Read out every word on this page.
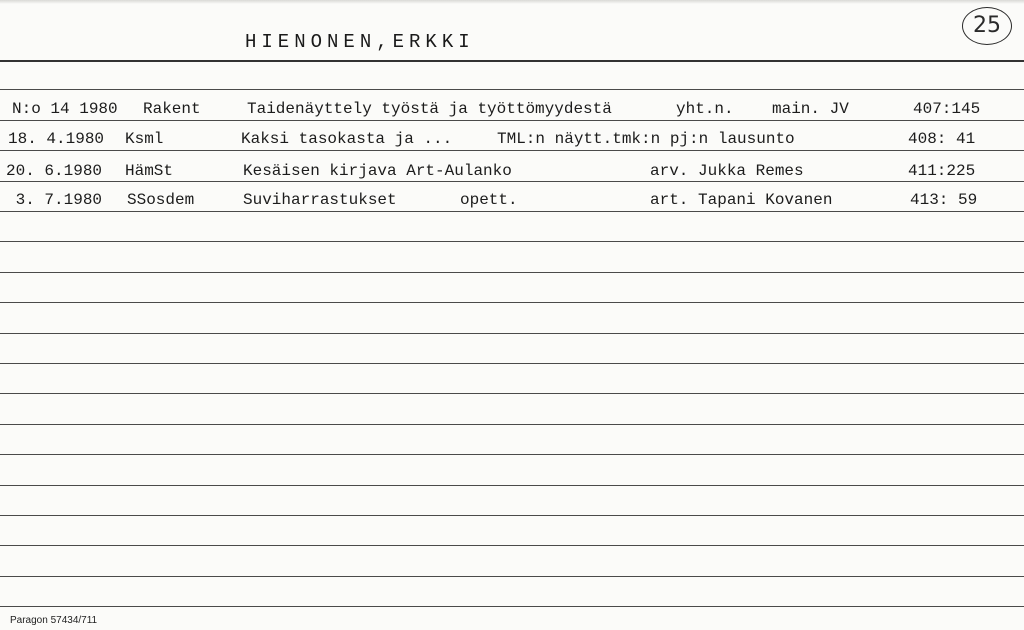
HIENONEN,ERKKI
25
N:o 14 1980 Rakent	Taidenäyttely työstä ja työttömyydestä	yht.n. main. JV	407:145
18. 4.1980 Ksml	Kaksi tasokasta ja ...	TML:n näytt.tmk:n pj:n lausunto	408: 41
20. 6.1980 HämSt	Kesäisen kirjava Art-Aulanko	arv. Jukka Remes	411:225
3. 7.1980 SSosdem	Suviharrastukset	opett.	art. Tapani Kovanen	413: 59
Paragon 57434/711
